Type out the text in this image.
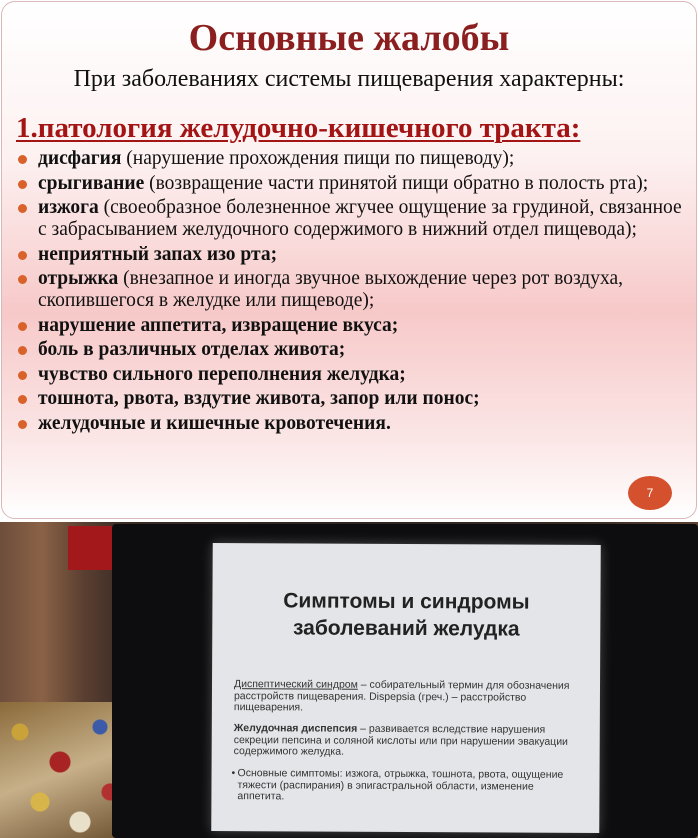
Основные жалобы
При заболеваниях системы пищеварения характерны:
1.патология желудочно-кишечного тракта:
дисфагия (нарушение прохождения пищи по пищеводу);
срыгивание (возвращение части принятой пищи обратно в полость рта);
изжога (своеобразное болезненное жгучее ощущение за грудиной, связанное с забрасыванием желудочного содержимого в нижний отдел пищевода);
неприятный запах изо рта;
отрыжка (внезапное и иногда звучное выхождение через рот воздуха, скопившегося в желудке или пищеводе);
нарушение аппетита, извращение вкуса;
боль в различных отделах живота;
чувство сильного переполнения желудка;
тошнота, рвота, вздутие живота, запор или понос;
желудочные и кишечные кровотечения.
7
Симптомы и синдромы
заболеваний желудка
Диспептический синдром – собирательный термин для обозначения расстройств пищеварения. Dispepsia (греч.) – расстройство пищеварения.
Желудочная диспепсия – развивается вследствие нарушения секреции пепсина и соляной кислоты или при нарушении эвакуации содержимого желудка.
• Основные симптомы: изжога, отрыжка, тошнота, рвота, ощущение тяжести (распирания) в эпигастральной области, изменение аппетита.
